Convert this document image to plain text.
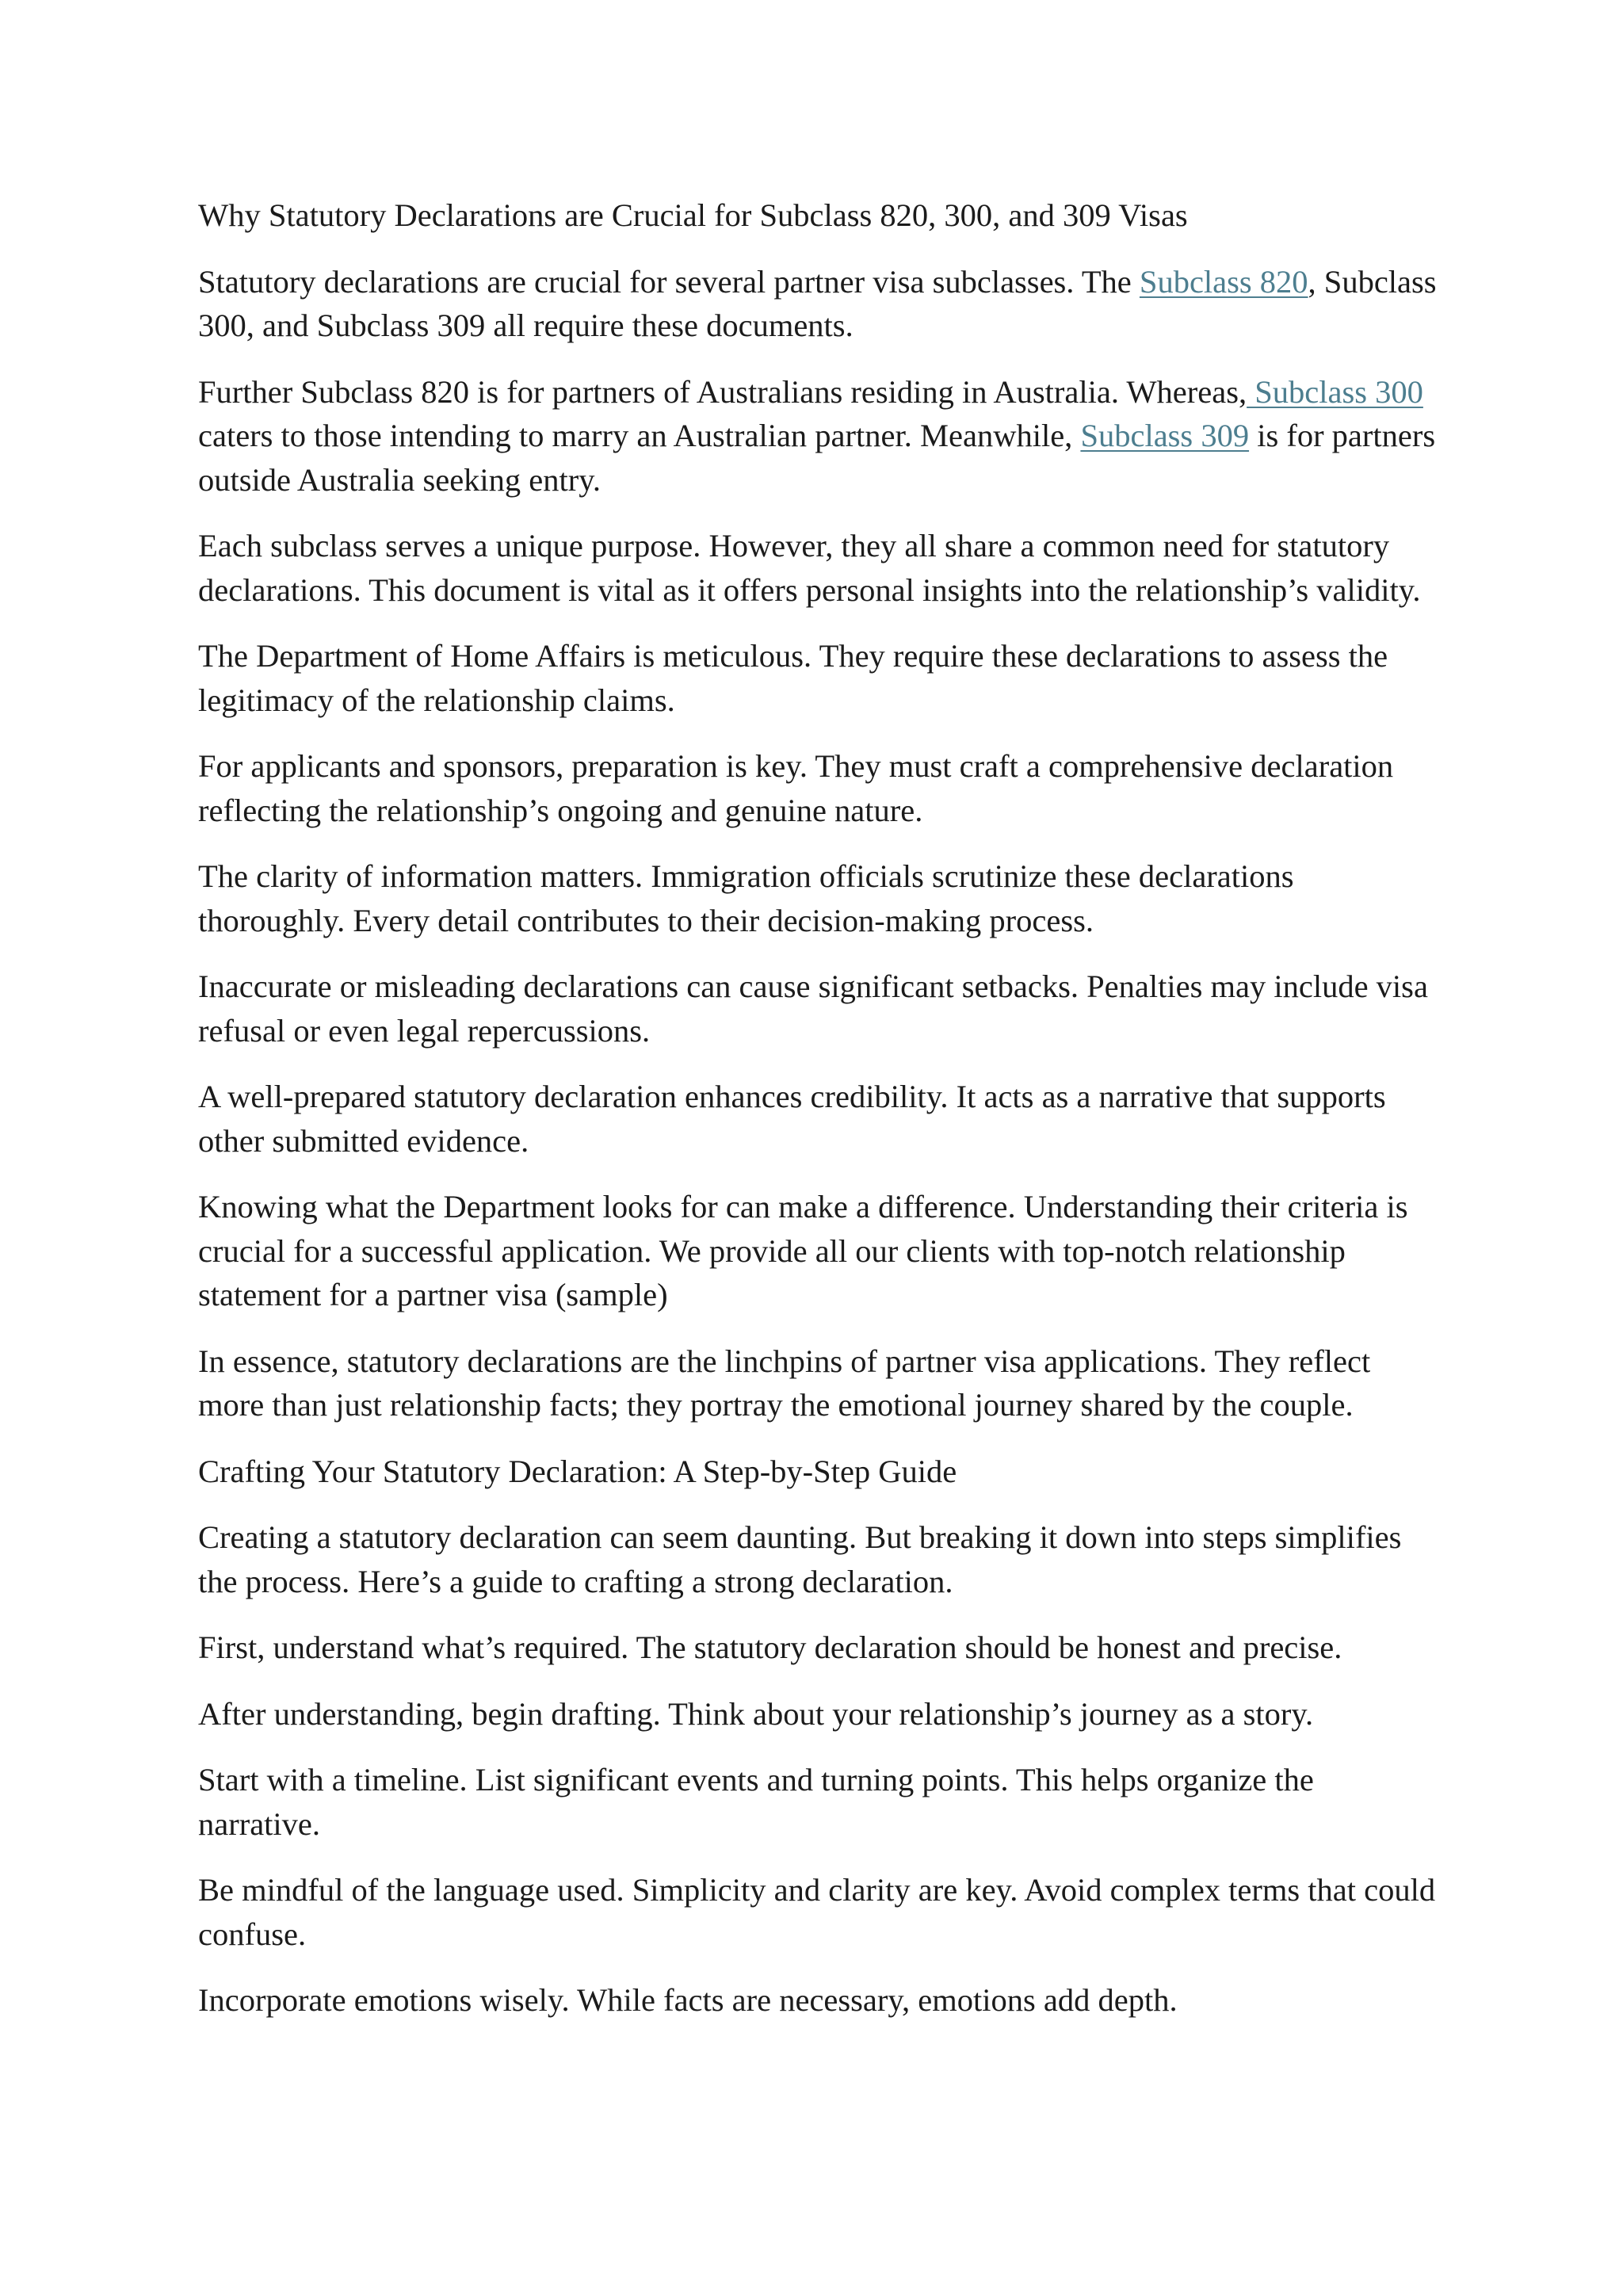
Why Statutory Declarations are Crucial for Subclass 820, 300, and 309 Visas

Statutory declarations are crucial for several partner visa subclasses. The Subclass 820, Subclass 300, and Subclass 309 all require these documents.

Further Subclass 820 is for partners of Australians residing in Australia. Whereas, Subclass 300 caters to those intending to marry an Australian partner. Meanwhile, Subclass 309 is for partners outside Australia seeking entry.

Each subclass serves a unique purpose. However, they all share a common need for statutory declarations. This document is vital as it offers personal insights into the relationship’s validity.

The Department of Home Affairs is meticulous. They require these declarations to assess the legitimacy of the relationship claims.

For applicants and sponsors, preparation is key. They must craft a comprehensive declaration reflecting the relationship’s ongoing and genuine nature.

The clarity of information matters. Immigration officials scrutinize these declarations thoroughly. Every detail contributes to their decision-making process.

Inaccurate or misleading declarations can cause significant setbacks. Penalties may include visa refusal or even legal repercussions.

A well-prepared statutory declaration enhances credibility. It acts as a narrative that supports other submitted evidence.

Knowing what the Department looks for can make a difference. Understanding their criteria is crucial for a successful application. We provide all our clients with top-notch relationship statement for a partner visa (sample)

In essence, statutory declarations are the linchpins of partner visa applications. They reflect more than just relationship facts; they portray the emotional journey shared by the couple.

Crafting Your Statutory Declaration: A Step-by-Step Guide

Creating a statutory declaration can seem daunting. But breaking it down into steps simplifies the process. Here’s a guide to crafting a strong declaration.

First, understand what’s required. The statutory declaration should be honest and precise.

After understanding, begin drafting. Think about your relationship’s journey as a story.

Start with a timeline. List significant events and turning points. This helps organize the narrative.

Be mindful of the language used. Simplicity and clarity are key. Avoid complex terms that could confuse.

Incorporate emotions wisely. While facts are necessary, emotions add depth.
